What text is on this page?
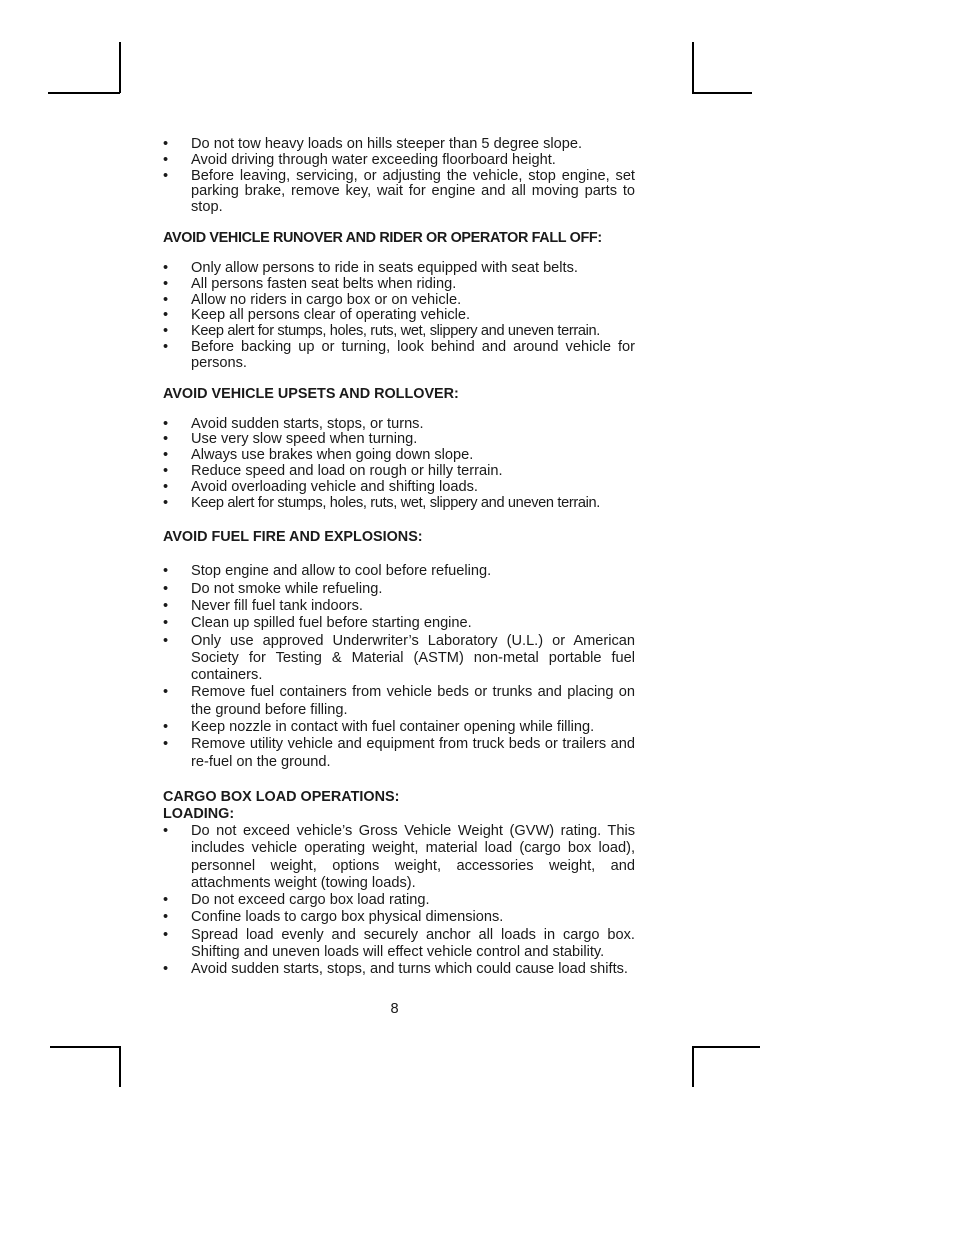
• Do not tow heavy loads on hills steeper than 5 degree slope.
• Avoid driving through water exceeding floorboard height.
• Before leaving, servicing, or adjusting the vehicle, stop engine, set parking brake, remove key, wait for engine and all moving parts to stop.
AVOID VEHICLE RUNOVER AND RIDER OR OPERATOR FALL OFF:
• Only allow persons to ride in seats equipped with seat belts.
• All persons fasten seat belts when riding.
• Allow no riders in cargo box or on vehicle.
• Keep all persons clear of operating vehicle.
• Keep alert for stumps, holes, ruts, wet, slippery and uneven terrain.
• Before backing up or turning, look behind and around vehicle for persons.
AVOID VEHICLE UPSETS AND ROLLOVER:
• Avoid sudden starts, stops, or turns.
• Use very slow speed when turning.
• Always use brakes when going down slope.
• Reduce speed and load on rough or hilly terrain.
• Avoid overloading vehicle and shifting loads.
• Keep alert for stumps, holes, ruts, wet, slippery and uneven terrain.
AVOID FUEL FIRE AND EXPLOSIONS:
• Stop engine and allow to cool before refueling.
• Do not smoke while refueling.
• Never fill fuel tank indoors.
• Clean up spilled fuel before starting engine.
• Only use approved Underwriter’s Laboratory (U.L.) or American Society for Testing & Material (ASTM) non-metal portable fuel containers.
• Remove fuel containers from vehicle beds or trunks and placing on the ground before filling.
• Keep nozzle in contact with fuel container opening while filling.
• Remove utility vehicle and equipment from truck beds or trailers and re-fuel on the ground.
CARGO BOX LOAD OPERATIONS:
LOADING:
• Do not exceed vehicle’s Gross Vehicle Weight (GVW) rating. This includes vehicle operating weight, material load (cargo box load), personnel weight, options weight, accessories weight, and attachments weight (towing loads).
• Do not exceed cargo box load rating.
• Confine loads to cargo box physical dimensions.
• Spread load evenly and securely anchor all loads in cargo box. Shifting and uneven loads will effect vehicle control and stability.
• Avoid sudden starts, stops, and turns which could cause load shifts.
8
